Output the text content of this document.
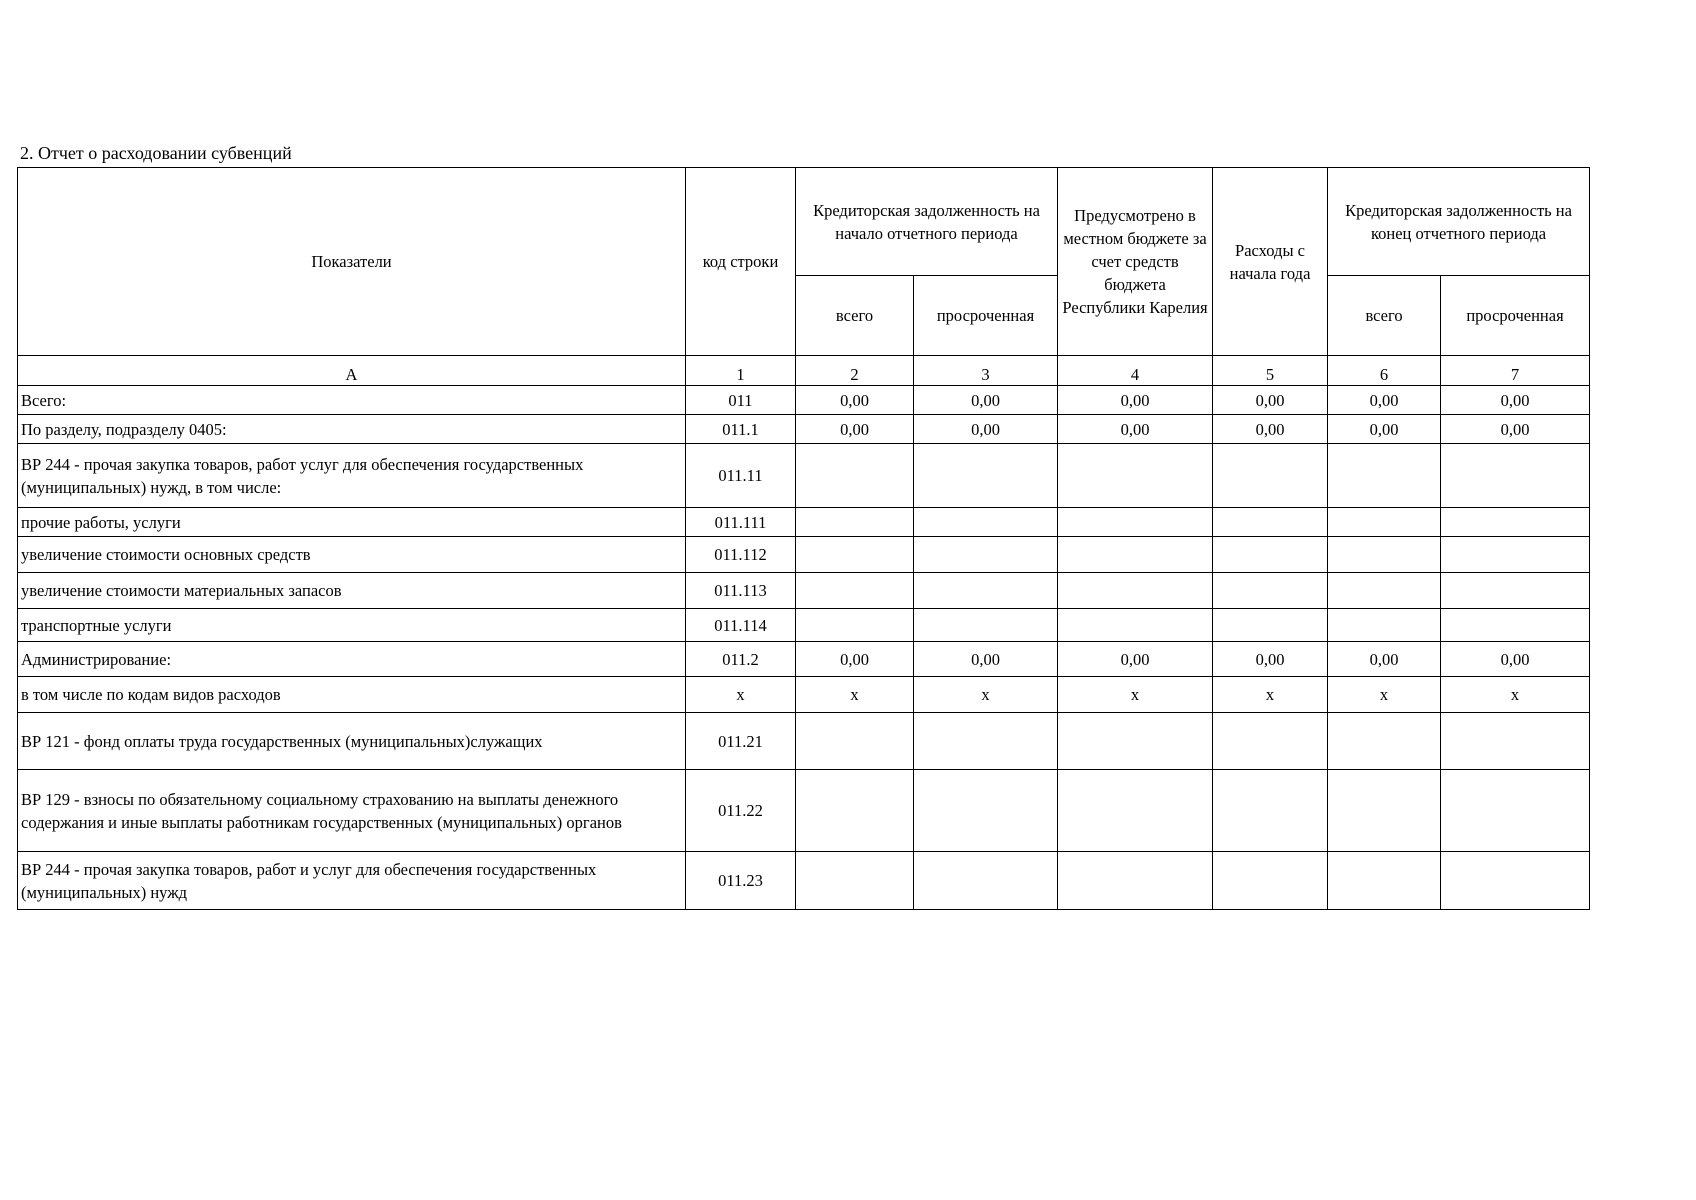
2. Отчет о расходовании субвенций
Показатели	код строки	Кредиторская задолженность на начало отчетного периода		Предусмотрено в местном бюджете за счет средств бюджета Республики Карелия	Расходы с начала года	Кредиторская задолженность на конец отчетного периода	
		всего	просроченная			всего	просроченная
А	1	2	3	4	5	6	7
Всего:	011	0,00	0,00	0,00	0,00	0,00	0,00
По разделу, подразделу 0405:	011.1	0,00	0,00	0,00	0,00	0,00	0,00
ВР 244 - прочая закупка товаров, работ услуг для обеспечения государственных (муниципальных) нужд, в том числе:	011.11						
прочие работы, услуги	011.111						
увеличение стоимости основных средств	011.112						
увеличение стоимости материальных запасов	011.113						
транспортные услуги	011.114						
Администрирование:	011.2	0,00	0,00	0,00	0,00	0,00	0,00
в том числе по кодам видов расходов	x	x	x	x	x	x	x
ВР 121 - фонд оплаты труда государственных (муниципальных)служащих	011.21						
ВР 129 - взносы по обязательному социальному страхованию на выплаты денежного содержания и иные выплаты работникам государственных (муниципальных) органов	011.22						
ВР 244 - прочая закупка товаров, работ и услуг для обеспечения государственных (муниципальных) нужд	011.23						
